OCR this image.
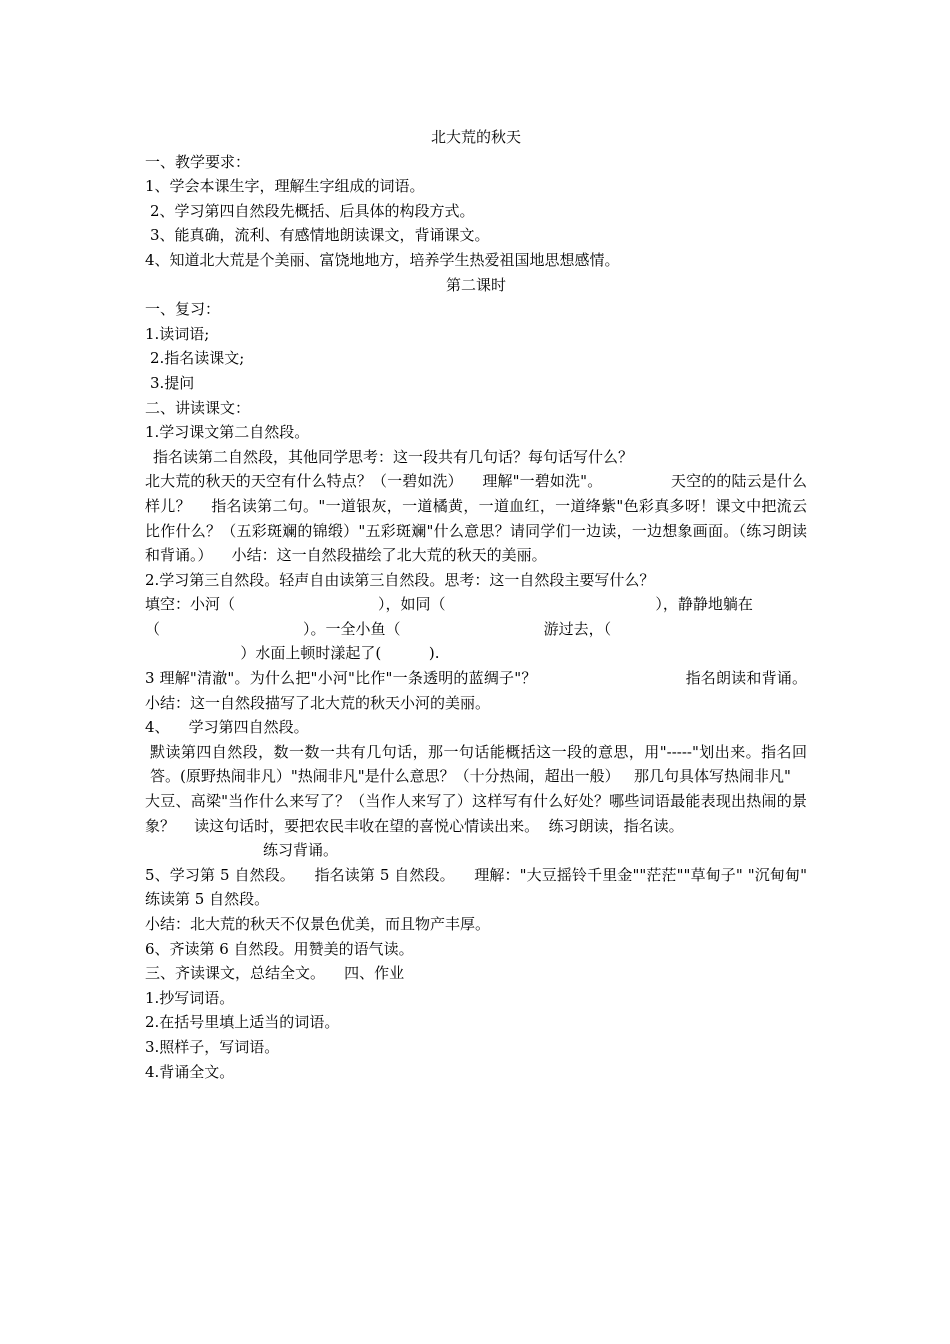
北大荒的秋天
一、教学要求：
1、学会本课生字，理解生字组成的词语。
2、学习第四自然段先概括、后具体的构段方式。
3、能真确，流利、有感情地朗读课文，背诵课文。
4、知道北大荒是个美丽、富饶地地方，培养学生热爱祖国地思想感情。
第二课时
一、复习：
1.读词语;
2.指名读课文;
3.提问
二、讲读课文：
1.学习课文第二自然段。
指名读第二自然段，其他同学思考：这一段共有几句话？每句话写什么？
北大荒的秋天的天空有什么特点？（一碧如洗）    理解"一碧如洗"。              天空的的陆云是什么样儿？    指名读第二句。"一道银灰，一道橘黄，一道血红，一道绛紫"色彩真多呀！课文中把流云比作什么？（五彩斑斓的锦缎）"五彩斑斓"什么意思？请同学们一边读，一边想象画面。（练习朗读和背诵。）    小结：这一自然段描绘了北大荒的秋天的美丽。
2.学习第三自然段。轻声自由读第三自然段。思考：这一自然段主要写什么？
填空：小河（                              ），如同（                                            ），静静地躺在
（                              ）。一全小鱼（                              游过去，（
）水面上顿时漾起了(          ).
3 理解"清澈"。为什么把"小河"比作"一条透明的蓝绸子"？                              指名朗读和背诵。    小结：这一自然段描写了北大荒的秋天小河的美丽。
4、    学习第四自然段。
默读第四自然段，数一数一共有几句话，那一句话能概括这一段的意思，用"-----"划出来。指名回答。(原野热闹非凡）"热闹非凡"是什么意思？（十分热闹，超出一般）   那几句具体写热闹非凡"
大豆、高梁"当作什么来写了？（当作人来写了）这样写有什么好处？哪些词语最能表现出热闹的景象？    读这句话时，要把农民丰收在望的喜悦心情读出来。  练习朗读，指名读。
练习背诵。
5、学习第 5 自然段。    指名读第 5 自然段。    理解："大豆摇铃千里金""茫茫""草甸子" "沉甸甸" 练读第 5 自然段。
小结：北大荒的秋天不仅景色优美，而且物产丰厚。
6、齐读第 6 自然段。用赞美的语气读。
三、齐读课文，总结全文。    四、作业
1.抄写词语。
2.在括号里填上适当的词语。
3.照样子，写词语。
4.背诵全文。
